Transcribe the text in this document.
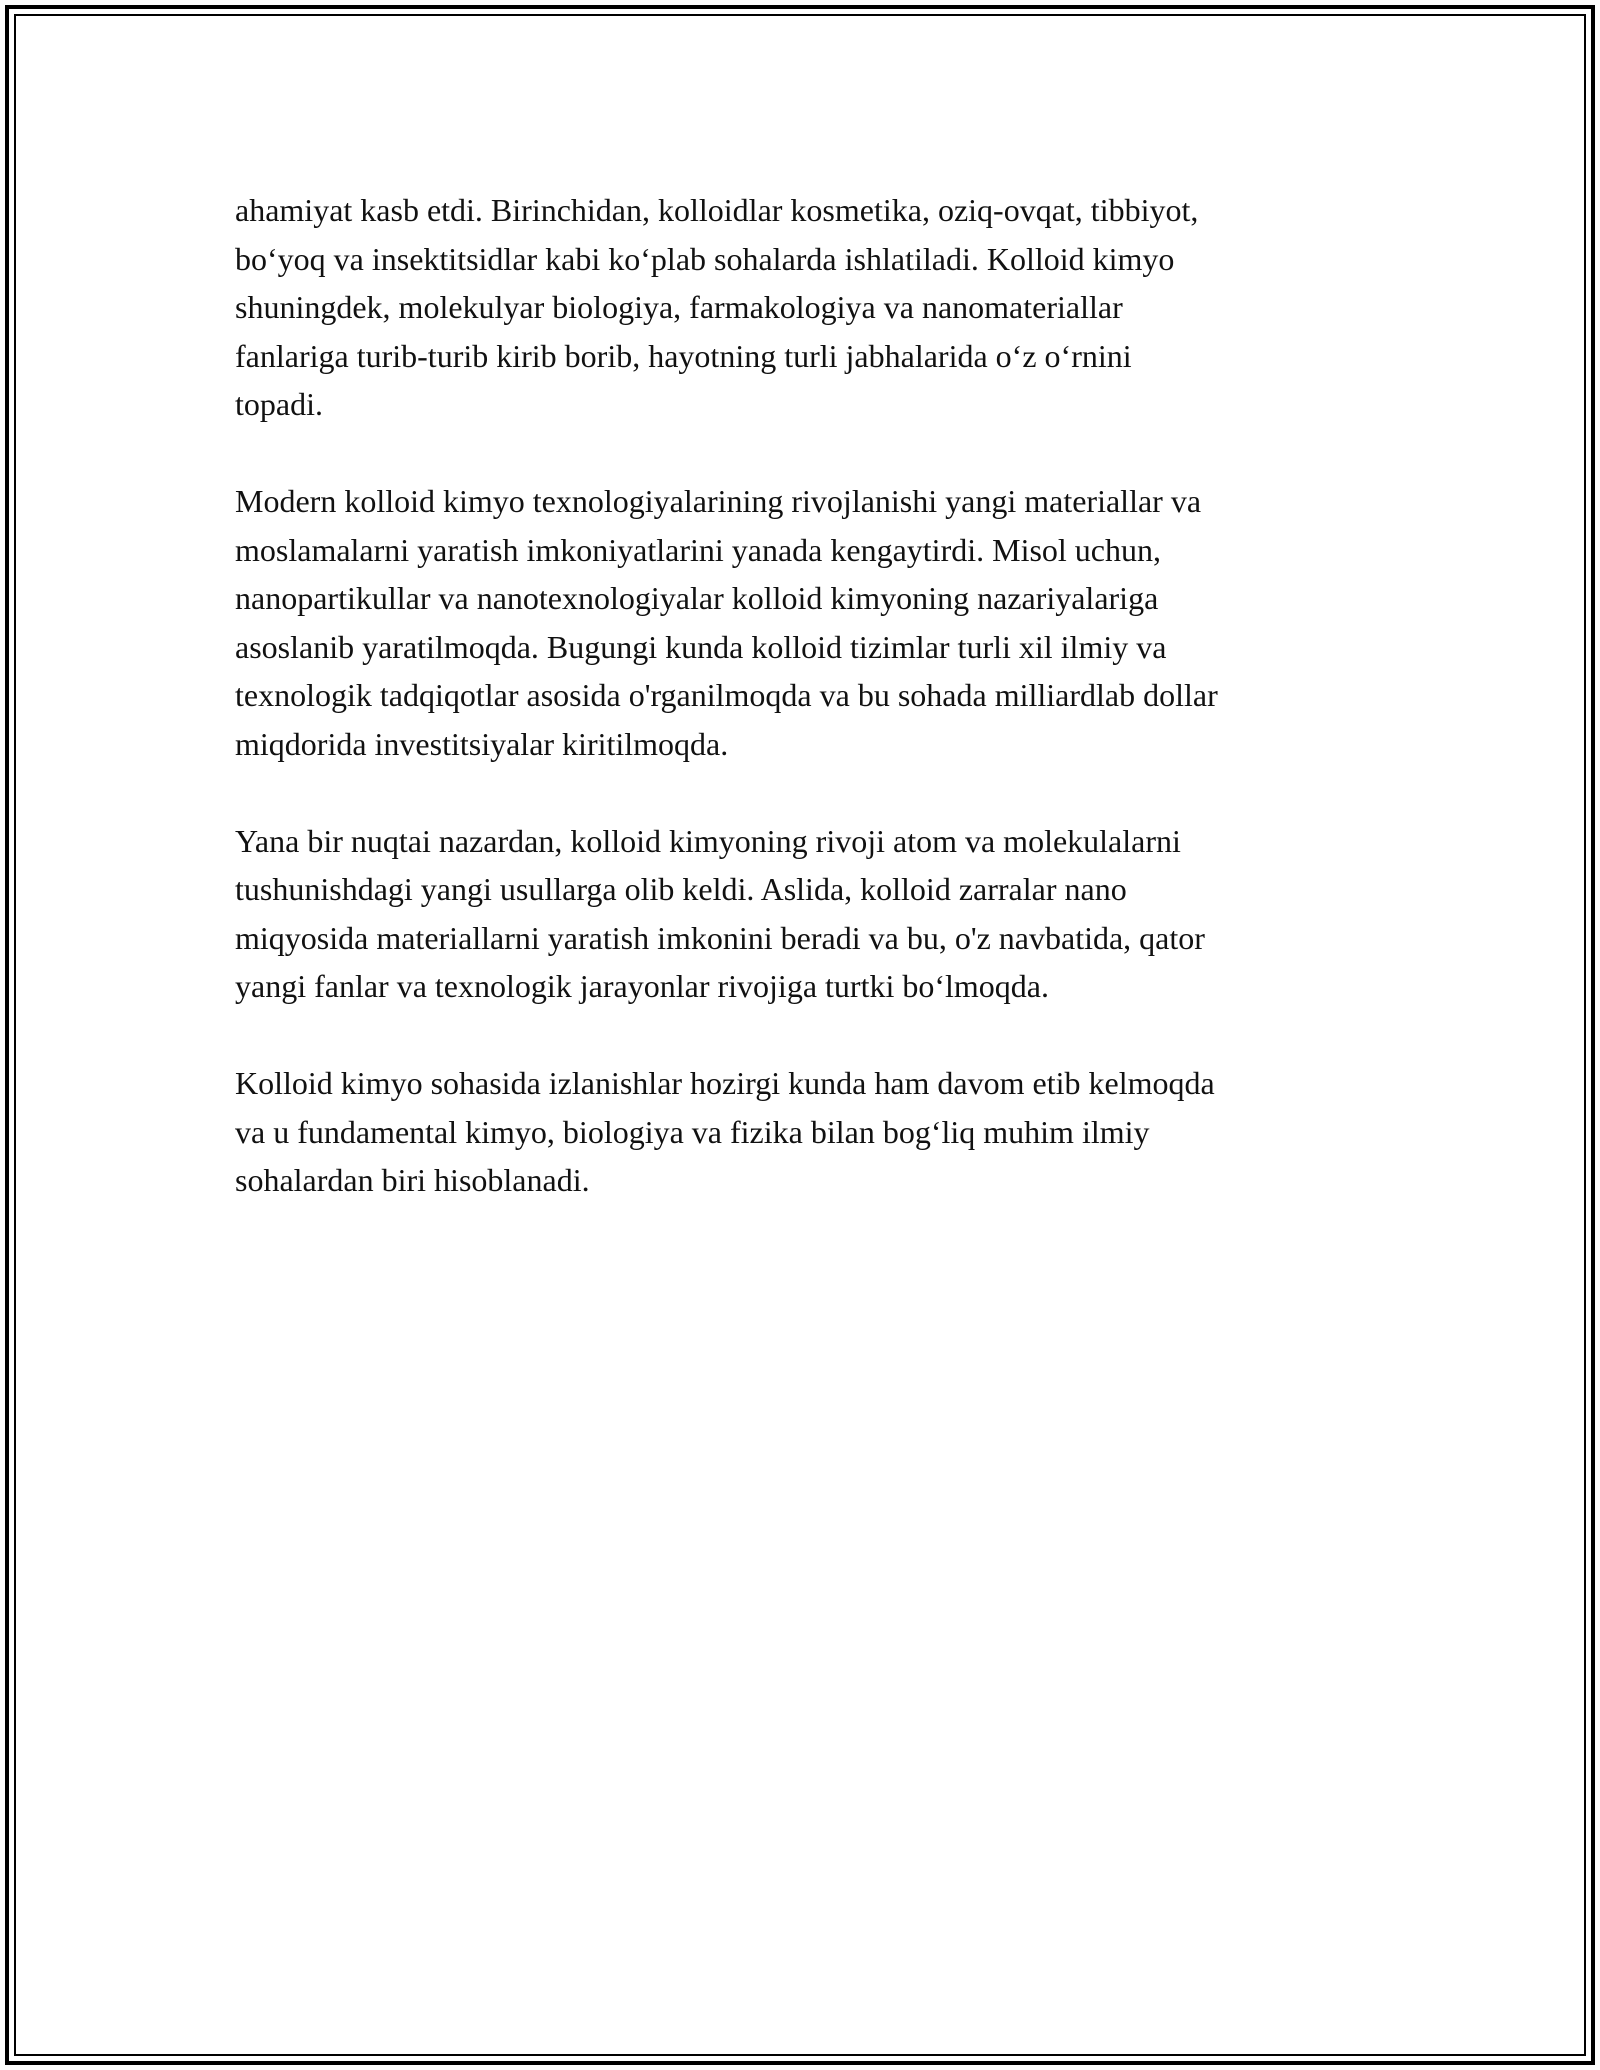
ahamiyat kasb etdi. Birinchidan, kolloidlar kosmetika, oziq-ovqat, tibbiyot,
bo‘yoq va insektitsidlar kabi ko‘plab sohalarda ishlatiladi. Kolloid kimyo
shuningdek, molekulyar biologiya, farmakologiya va nanomateriallar
fanlariga turib-turib kirib borib, hayotning turli jabhalarida o‘z o‘rnini
topadi.

Modern kolloid kimyo texnologiyalarining rivojlanishi yangi materiallar va
moslamalarni yaratish imkoniyatlarini yanada kengaytirdi. Misol uchun,
nanopartikullar va nanotexnologiyalar kolloid kimyoning nazariyalariga
asoslanib yaratilmoqda. Bugungi kunda kolloid tizimlar turli xil ilmiy va
texnologik tadqiqotlar asosida o'rganilmoqda va bu sohada milliardlab dollar
miqdorida investitsiyalar kiritilmoqda.

Yana bir nuqtai nazardan, kolloid kimyoning rivoji atom va molekulalarni
tushunishdagi yangi usullarga olib keldi. Aslida, kolloid zarralar nano
miqyosida materiallarni yaratish imkonini beradi va bu, o'z navbatida, qator
yangi fanlar va texnologik jarayonlar rivojiga turtki bo‘lmoqda.

Kolloid kimyo sohasida izlanishlar hozirgi kunda ham davom etib kelmoqda
va u fundamental kimyo, biologiya va fizika bilan bog‘liq muhim ilmiy
sohalardan biri hisoblanadi.
